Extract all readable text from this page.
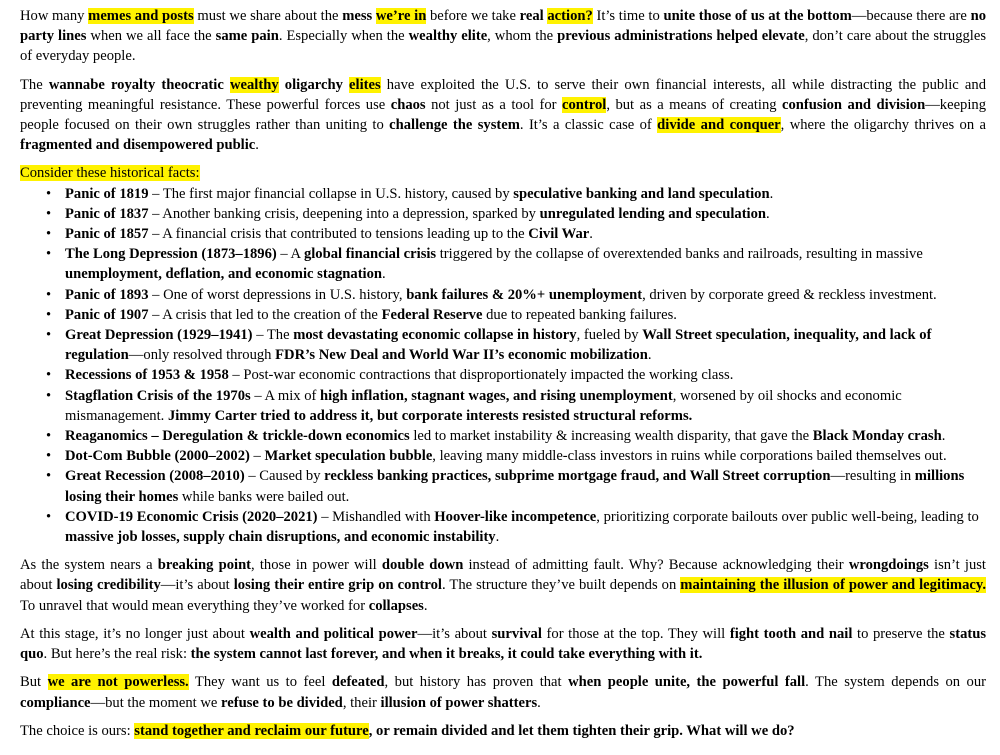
How many memes and posts must we share about the mess we’re in before we take real action? It’s time to unite those of us at the bottom—because there are no party lines when we all face the same pain. Especially when the wealthy elite, whom the previous administrations helped elevate, don’t care about the struggles of everyday people.

The wannabe royalty theocratic wealthy oligarchy elites have exploited the U.S. to serve their own financial interests, all while distracting the public and preventing meaningful resistance. These powerful forces use chaos not just as a tool for control, but as a means of creating confusion and division—keeping people focused on their own struggles rather than uniting to challenge the system. It’s a classic case of divide and conquer, where the oligarchy thrives on a fragmented and disempowered public.

Consider these historical facts:

• Panic of 1819 – The first major financial collapse in U.S. history, caused by speculative banking and land speculation.
• Panic of 1837 – Another banking crisis, deepening into a depression, sparked by unregulated lending and speculation.
• Panic of 1857 – A financial crisis that contributed to tensions leading up to the Civil War.
• The Long Depression (1873–1896) – A global financial crisis triggered by the collapse of overextended banks and railroads, resulting in massive unemployment, deflation, and economic stagnation.
• Panic of 1893 – One of worst depressions in U.S. history, bank failures & 20%+ unemployment, driven by corporate greed & reckless investment.
• Panic of 1907 – A crisis that led to the creation of the Federal Reserve due to repeated banking failures.
• Great Depression (1929–1941) – The most devastating economic collapse in history, fueled by Wall Street speculation, inequality, and lack of regulation—only resolved through FDR’s New Deal and World War II’s economic mobilization.
• Recessions of 1953 & 1958 – Post-war economic contractions that disproportionately impacted the working class.
• Stagflation Crisis of the 1970s – A mix of high inflation, stagnant wages, and rising unemployment, worsened by oil shocks and economic mismanagement. Jimmy Carter tried to address it, but corporate interests resisted structural reforms.
• Reaganomics – Deregulation & trickle-down economics led to market instability & increasing wealth disparity, that gave the Black Monday crash.
• Dot-Com Bubble (2000–2002) – Market speculation bubble, leaving many middle-class investors in ruins while corporations bailed themselves out.
• Great Recession (2008–2010) – Caused by reckless banking practices, subprime mortgage fraud, and Wall Street corruption—resulting in millions losing their homes while banks were bailed out.
• COVID-19 Economic Crisis (2020–2021) – Mishandled with Hoover-like incompetence, prioritizing corporate bailouts over public well-being, leading to massive job losses, supply chain disruptions, and economic instability.

As the system nears a breaking point, those in power will double down instead of admitting fault. Why? Because acknowledging their wrongdoings isn’t just about losing credibility—it’s about losing their entire grip on control. The structure they’ve built depends on maintaining the illusion of power and legitimacy. To unravel that would mean everything they’ve worked for collapses.

At this stage, it’s no longer just about wealth and political power—it’s about survival for those at the top. They will fight tooth and nail to preserve the status quo. But here’s the real risk: the system cannot last forever, and when it breaks, it could take everything with it.

But we are not powerless. They want us to feel defeated, but history has proven that when people unite, the powerful fall. The system depends on our compliance—but the moment we refuse to be divided, their illusion of power shatters.

The choice is ours: stand together and reclaim our future, or remain divided and let them tighten their grip. What will we do?
